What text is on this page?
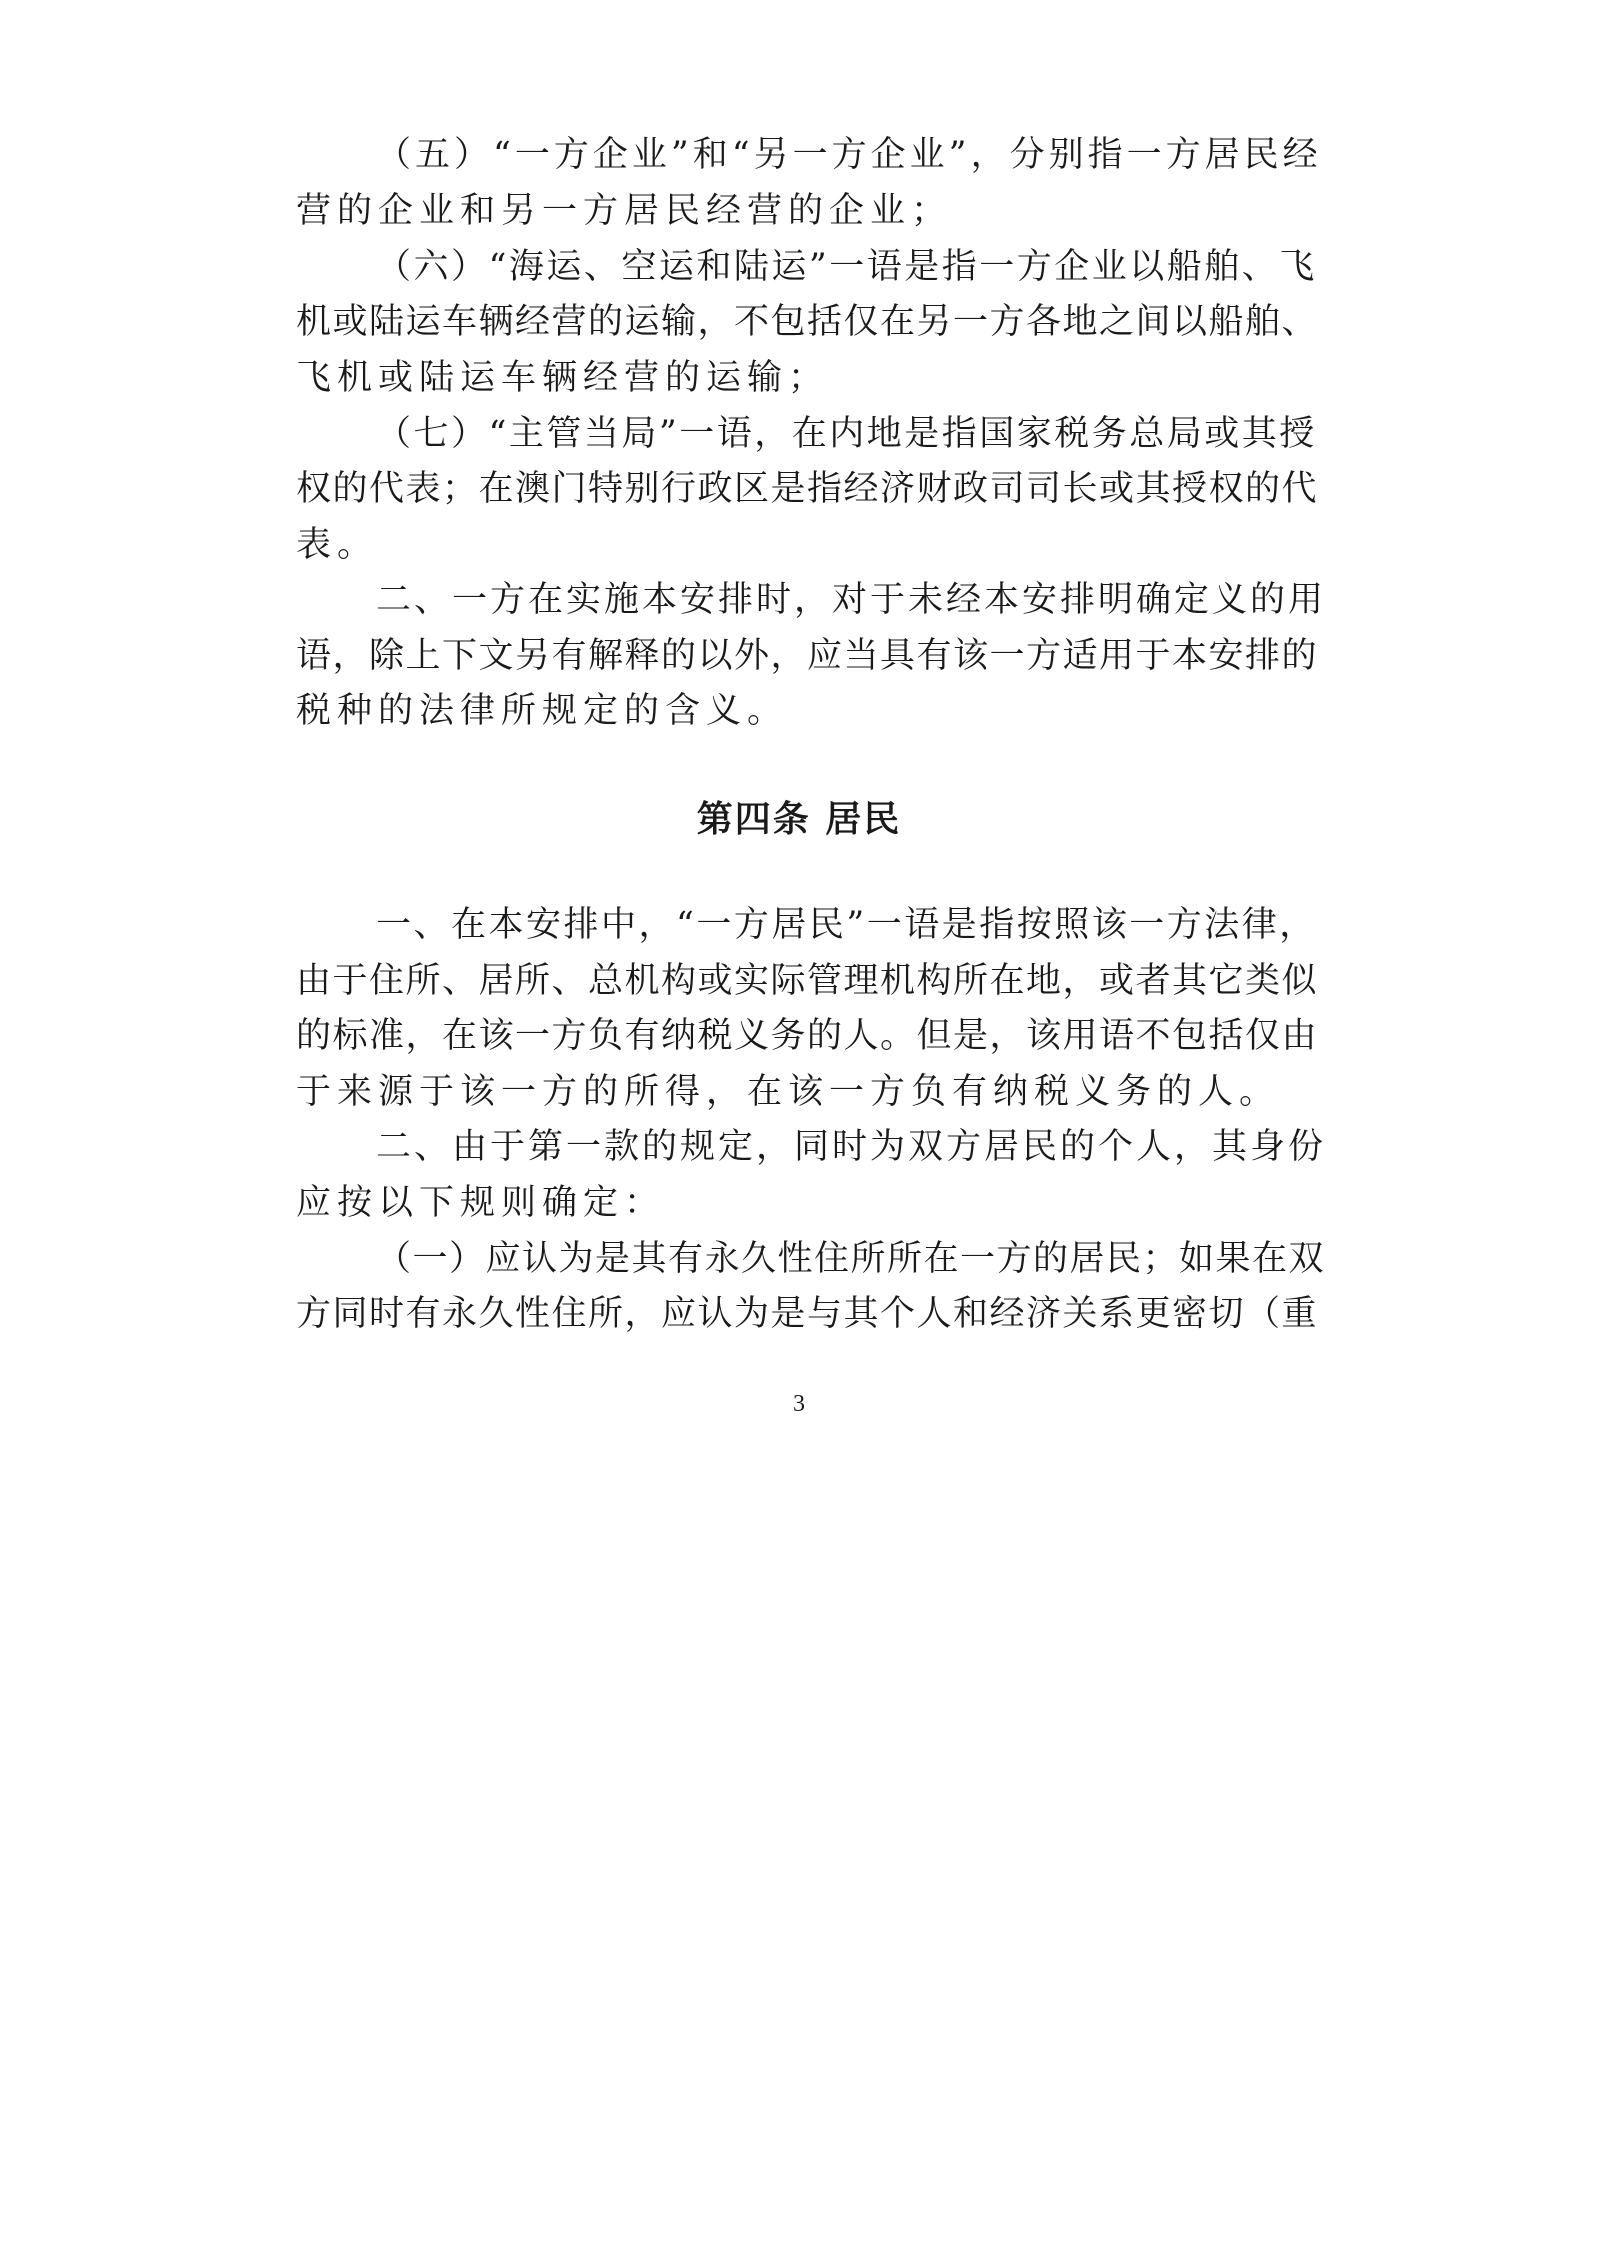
（五）“一方企业”和“另一方企业”，分别指一方居民经
营的企业和另一方居民经营的企业；
（六）“海运、空运和陆运”一语是指一方企业以船舶、飞
机或陆运车辆经营的运输，不包括仅在另一方各地之间以船舶、
飞机或陆运车辆经营的运输；
（七）“主管当局”一语，在内地是指国家税务总局或其授
权的代表；在澳门特别行政区是指经济财政司司长或其授权的代
表。
二、一方在实施本安排时，对于未经本安排明确定义的用
语，除上下文另有解释的以外，应当具有该一方适用于本安排的
税种的法律所规定的含义。
第四条 居民
一、在本安排中，“一方居民”一语是指按照该一方法律，
由于住所、居所、总机构或实际管理机构所在地，或者其它类似
的标准，在该一方负有纳税义务的人。但是，该用语不包括仅由
于来源于该一方的所得，在该一方负有纳税义务的人。
二、由于第一款的规定，同时为双方居民的个人，其身份
应按以下规则确定：
（一）应认为是其有永久性住所所在一方的居民；如果在双
方同时有永久性住所，应认为是与其个人和经济关系更密切（重
3
